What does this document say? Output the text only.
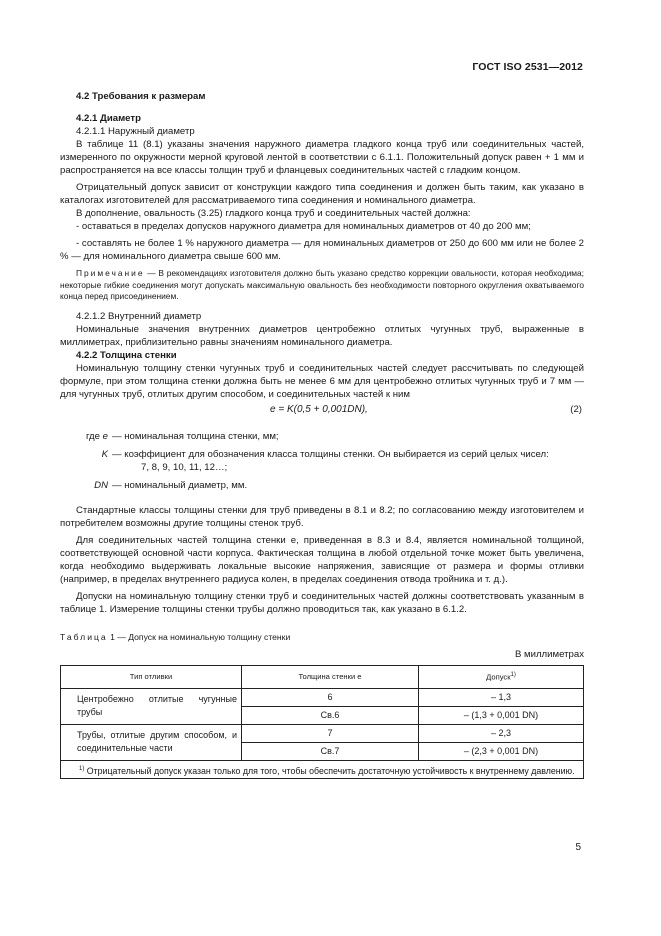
ГОСТ ISO 2531—2012

4.2 Требования к размерам

4.2.1 Диаметр

4.2.1.1 Наружный диаметр

В таблице 11 (8.1) указаны значения наружного диаметра гладкого конца труб или соединительных частей, измеренного по окружности мерной круговой лентой в соответствии с 6.1.1. Положительный допуск равен + 1 мм и распространяется на все классы толщин труб и фланцевых соединительных частей с гладким концом.

Отрицательный допуск зависит от конструкции каждого типа соединения и должен быть таким, как указано в каталогах изготовителей для рассматриваемого типа соединения и номинального диаметра.

В дополнение, овальность (3.25) гладкого конца труб и соединительных частей должна:

- оставаться в пределах допусков наружного диаметра для номинальных диаметров от 40 до 200 мм;

- составлять не более 1 % наружного диаметра — для номинальных диаметров от 250 до 600 мм или не более 2 % — для номинального диаметра свыше 600 мм.

Примечание — В рекомендациях изготовителя должно быть указано средство коррекции овальности, которая необходима; некоторые гибкие соединения могут допускать максимальную овальность без необходимости повторного округления охватываемого конца перед присоединением.

4.2.1.2 Внутренний диаметр

Номинальные значения внутренних диаметров центробежно отлитых чугунных труб, выраженные в миллиметрах, приблизительно равны значениям номинального диаметра.

4.2.2 Толщина стенки

Номинальную толщину стенки чугунных труб и соединительных частей следует рассчитывать по следующей формуле, при этом толщина стенки должна быть не менее 6 мм для центробежно отлитых чугунных труб и 7 мм — для чугунных труб, отлитых другим способом, и соединительных частей к ним

e = K(0,5 + 0,001DN),	(2)
где e — номинальная толщина стенки, мм;
K — коэффициент для обозначения класса толщины стенки. Он выбирается из серий целых чисел:
7, 8, 9, 10, 11, 12…;
DN — номинальный диаметр, мм.

Стандартные классы толщины стенки для труб приведены в 8.1 и 8.2; по согласованию между изготовителем и потребителем возможны другие толщины стенок труб.

Для соединительных частей толщина стенки e, приведенная в 8.3 и 8.4, является номинальной толщиной, соответствующей основной части корпуса. Фактическая толщина в любой отдельной точке может быть увеличена, когда необходимо выдерживать локальные высокие напряжения, зависящие от размера и формы отливки (например, в пределах внутреннего радиуса колен, в пределах соединения отвода тройника и т. д.).

Допуски на номинальную толщину стенки труб и соединительных частей должны соответствовать указанным в таблице 1. Измерение толщины стенки трубы должно проводиться так, как указано в 6.1.2.

Таблица 1 — Допуск на номинальную толщину стенки

В миллиметрах

Тип отливки	Толщина стенки e	Допуск$^{1)}$
Центробежно отлитые чугунные трубы	6	– 1,3
	Св.6	– (1,3 + 0,001 DN)
Трубы, отлитые другим способом, и соединительные части	7	– 2,3
	Св.7	– (2,3 + 0,001 DN)
$^{1)}$ Отрицательный допуск указан только для того, чтобы обеспечить достаточную устойчивость к внутреннему давлению.		
5
